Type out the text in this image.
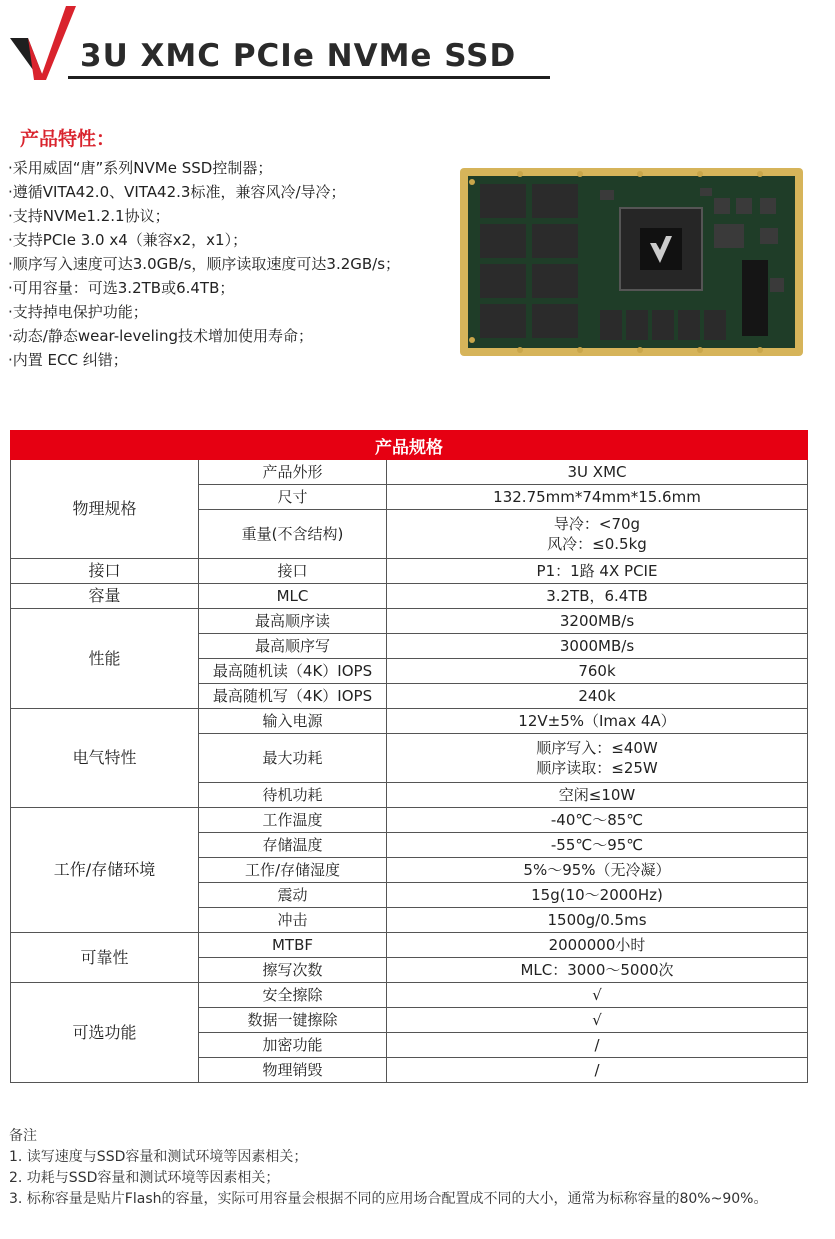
3U XMC PCIe NVMe SSD
产品特性：
·采用威固“唐”系列NVMe SSD控制器；
·遵循VITA42.0、VITA42.3标准，兼容风冷/导冷；
·支持NVMe1.2.1协议；
·支持PCIe 3.0 x4（兼容x2，x1）；
·顺序写入速度可达3.0GB/s，顺序读取速度可达3.2GB/s；
·可用容量：可选3.2TB或6.4TB；
·支持掉电保护功能；
·动态/静态wear-leveling技术增加使用寿命；
·内置 ECC 纠错；
产品规格		
物理规格	产品外形	3U XMC
	尺寸	132.75mm*74mm*15.6mm
	重量(不含结构)	导冷：<70g
风冷：≤0.5kg

接口	接口	P1：1路 4X PCIE
容量	MLC	3.2TB，6.4TB
性能	最高顺序读	3200MB/s
	最高顺序写	3000MB/s
	最高随机读（4K）IOPS	760k
	最高随机写（4K）IOPS	240k
电气特性	输入电源	12V±5%（Imax 4A）
	最大功耗	顺序写入：≤40W
顺序读取：≤25W

	待机功耗	空闲≤10W
工作/存储环境	工作温度	-40℃～85℃
	存储温度	-55℃～95℃
	工作/存储湿度	5%～95%（无冷凝）
	震动	15g(10～2000Hz)
	冲击	1500g/0.5ms
可靠性	MTBF	2000000小时
	擦写次数	MLC：3000～5000次
可选功能	安全擦除	√
	数据一键擦除	√
	加密功能	/
	物理销毁	/

备注

1. 读写速度与SSD容量和测试环境等因素相关；

2. 功耗与SSD容量和测试环境等因素相关；

3. 标称容量是贴片Flash的容量，实际可用容量会根据不同的应用场合配置成不同的大小，通常为标称容量的80%~90%。
